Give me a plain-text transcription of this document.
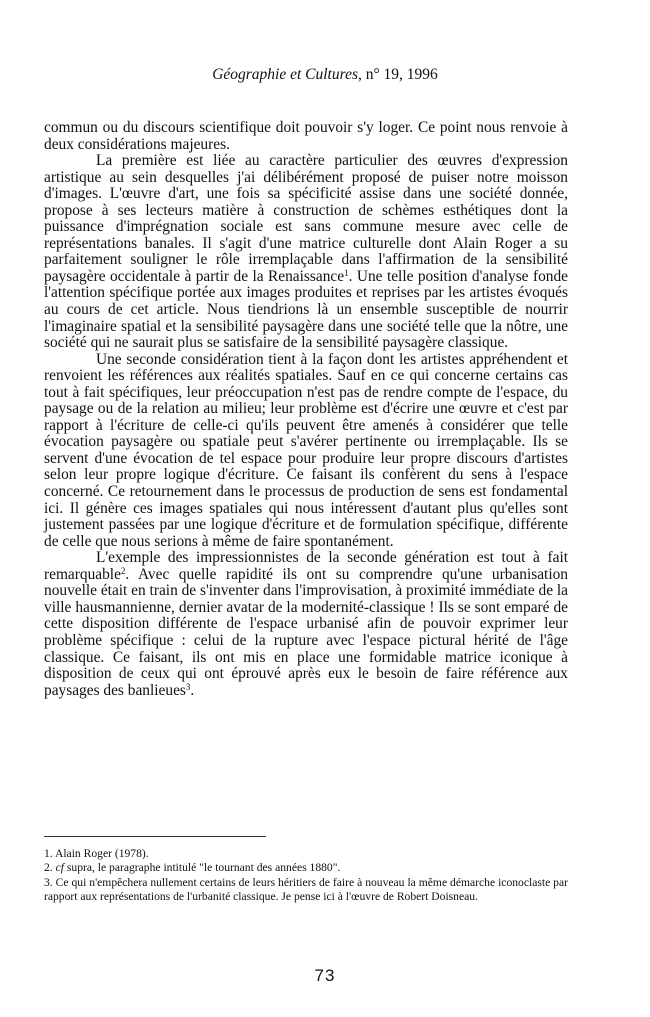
Géographie et Cultures, n° 19, 1996

commun ou du discours scientifique doit pouvoir s'y loger. Ce point nous renvoie à deux considérations majeures.

La première est liée au caractère particulier des œuvres d'expression artistique au sein desquelles j'ai délibérément proposé de puiser notre moisson d'images. L'œuvre d'art, une fois sa spécificité assise dans une société donnée, propose à ses lecteurs matière à construction de schèmes esthétiques dont la puissance d'imprégnation sociale est sans commune mesure avec celle de représentations banales. Il s'agit d'une matrice culturelle dont Alain Roger a su parfaitement souligner le rôle irremplaçable dans l'affirmation de la sensibilité paysagère occidentale à partir de la Renaissance$^1$. Une telle position d'analyse fonde l'attention spécifique portée aux images produites et reprises par les artistes évoqués au cours de cet article. Nous tiendrions là un ensemble susceptible de nourrir l'imaginaire spatial et la sensibilité paysagère dans une société telle que la nôtre, une société qui ne saurait plus se satisfaire de la sensibilité paysagère classique.

Une seconde considération tient à la façon dont les artistes appréhendent et renvoient les références aux réalités spatiales. Sauf en ce qui concerne certains cas tout à fait spécifiques, leur préoccupation n'est pas de rendre compte de l'espace, du paysage ou de la relation au milieu; leur problème est d'écrire une œuvre et c'est par rapport à l'écriture de celle-ci qu'ils peuvent être amenés à considérer que telle évocation paysagère ou spatiale peut s'avérer pertinente ou irremplaçable. Ils se servent d'une évocation de tel espace pour produire leur propre discours d'artistes selon leur propre logique d'écriture. Ce faisant ils confèrent du sens à l'espace concerné. Ce retournement dans le processus de production de sens est fondamental ici. Il génère ces images spatiales qui nous intéressent d'autant plus qu'elles sont justement passées par une logique d'écriture et de formulation spécifique, différente de celle que nous serions à même de faire spontanément.

L'exemple des impressionnistes de la seconde génération est tout à fait remarquable$^2$. Avec quelle rapidité ils ont su comprendre qu'une urbanisation nouvelle était en train de s'inventer dans l'improvisation, à proximité immédiate de la ville hausmannienne, dernier avatar de la modernité-classique ! Ils se sont emparé de cette disposition différente de l'espace urbanisé afin de pouvoir exprimer leur problème spécifique : celui de la rupture avec l'espace pictural hérité de l'âge classique. Ce faisant, ils ont mis en place une formidable matrice iconique à disposition de ceux qui ont éprouvé après eux le besoin de faire référence aux paysages des banlieues$^3$.

1. Alain Roger (1978).

2. cf supra, le paragraphe intitulé "le tournant des années 1880".

3. Ce qui n'empêchera nullement certains de leurs héritiers de faire à nouveau la même démarche iconoclaste par rapport aux représentations de l'urbanité classique. Je pense ici à l'œuvre de Robert Doisneau.

73
